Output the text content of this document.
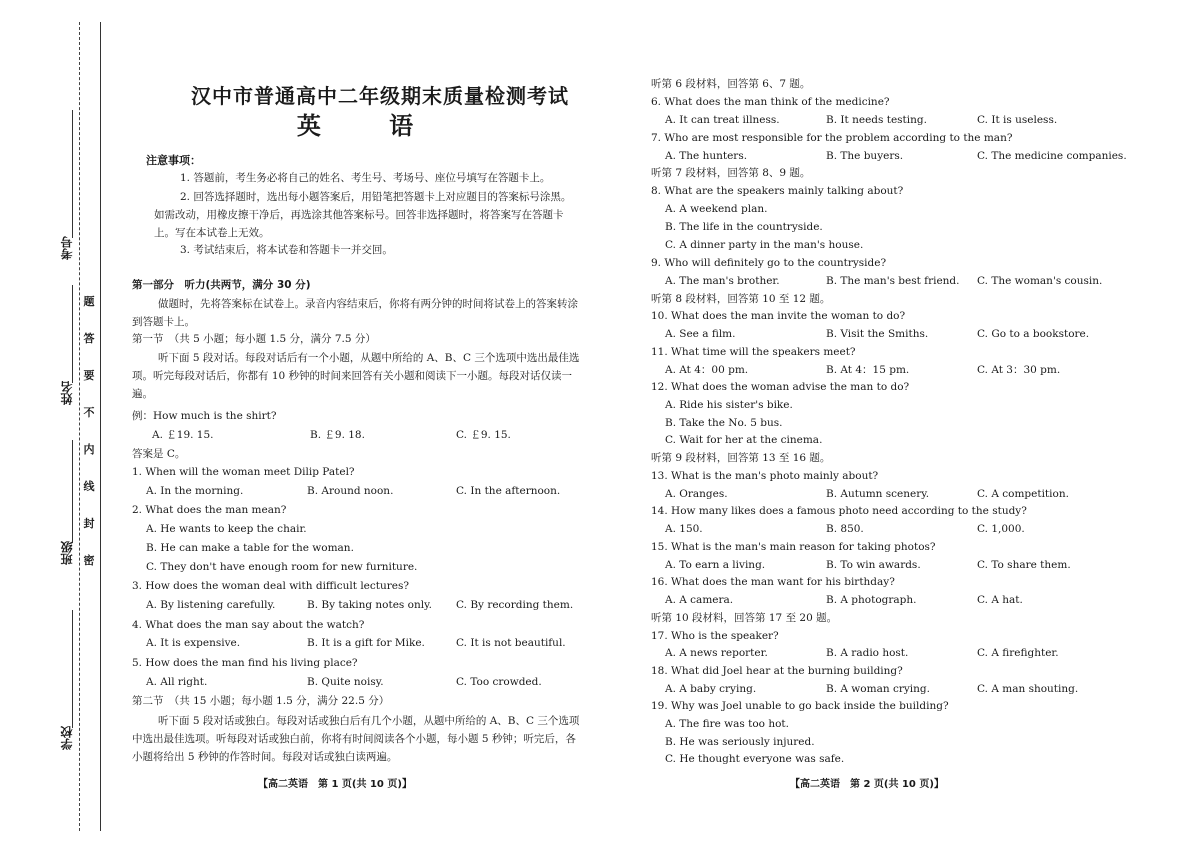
考号
姓名
班级
学校
题
答
要
不
内
线
封
密
汉中市普通高中二年级期末质量检测考试
英 语
注意事项：
1. 答题前，考生务必将自己的姓名、考生号、考场号、座位号填写在答题卡上。
2. 回答选择题时，选出每小题答案后，用铅笔把答题卡上对应题目的答案标号涂黑。如需改动，用橡皮擦干净后，再选涂其他答案标号。回答非选择题时，将答案写在答题卡上。写在本试卷上无效。
3. 考试结束后，将本试卷和答题卡一并交回。
第一部分　听力(共两节，满分 30 分)
做题时，先将答案标在试卷上。录音内容结束后，你将有两分钟的时间将试卷上的答案转涂到答题卡上。
第一节　（共 5 小题；每小题 1.5 分，满分 7.5 分）
听下面 5 段对话。每段对话后有一个小题，从题中所给的 A、B、C 三个选项中选出最佳选项。听完每段对话后，你都有 10 秒钟的时间来回答有关小题和阅读下一小题。每段对话仅读一遍。
例：How much is the shirt?
A. ￡19. 15.	B. ￡9. 18.	C. ￡9. 15.
答案是 C。
1. When will the woman meet Dilip Patel?
A. In the morning.	B. Around noon.	C. In the afternoon.
2. What does the man mean?
A. He wants to keep the chair.
B. He can make a table for the woman.
C. They don't have enough room for new furniture.
3. How does the woman deal with difficult lectures?
A. By listening carefully.	B. By taking notes only. C. By recording them.
4. What does the man say about the watch?
A. It is expensive.	B. It is a gift for Mike.	C. It is not beautiful.
5. How does the man find his living place?
A. All right.	B. Quite noisy.	C. Too crowded.
第二节　（共 15 小题；每小题 1.5 分，满分 22.5 分）
听下面 5 段对话或独白。每段对话或独白后有几个小题，从题中所给的 A、B、C 三个选项中选出最佳选项。听每段对话或独白前，你将有时间阅读各个小题，每小题 5 秒钟；听完后，各小题将给出 5 秒钟的作答时间。每段对话或独白读两遍。
【高二英语　第 1 页(共 10 页)】
听第 6 段材料，回答第 6、7 题。
6. What does the man think of the medicine?
A. It can treat illness.	B. It needs testing.	C. It is useless.
7. Who are most responsible for the problem according to the man?
A. The hunters.	B. The buyers.	C. The medicine companies.
听第 7 段材料，回答第 8、9 题。
8. What are the speakers mainly talking about?
A. A weekend plan.
B. The life in the countryside.
C. A dinner party in the man's house.
9. Who will definitely go to the countryside?
A. The man's brother.	B. The man's best friend. C. The woman's cousin.
听第 8 段材料，回答第 10 至 12 题。
10. What does the man invite the woman to do?
A. See a film.	B. Visit the Smiths.	C. Go to a bookstore.
11. What time will the speakers meet?
A. At 4：00 pm.	B. At 4：15 pm.	C. At 3：30 pm.
12. What does the woman advise the man to do?
A. Ride his sister's bike.
B. Take the No. 5 bus.
C. Wait for her at the cinema.
听第 9 段材料，回答第 13 至 16 题。
13. What is the man's photo mainly about?
A. Oranges.	B. Autumn scenery.	C. A competition.
14. How many likes does a famous photo need according to the study?
A. 150.	B. 850.	C. 1,000.
15. What is the man's main reason for taking photos?
A. To earn a living.	B. To win awards.	C. To share them.
16. What does the man want for his birthday?
A. A camera.	B. A photograph.	C. A hat.
听第 10 段材料，回答第 17 至 20 题。
17. Who is the speaker?
A. A news reporter.	B. A radio host.	C. A firefighter.
18. What did Joel hear at the burning building?
A. A baby crying.	B. A woman crying.	C. A man shouting.
19. Why was Joel unable to go back inside the building?
A. The fire was too hot.
B. He was seriously injured.
C. He thought everyone was safe.
【高二英语　第 2 页(共 10 页)】
